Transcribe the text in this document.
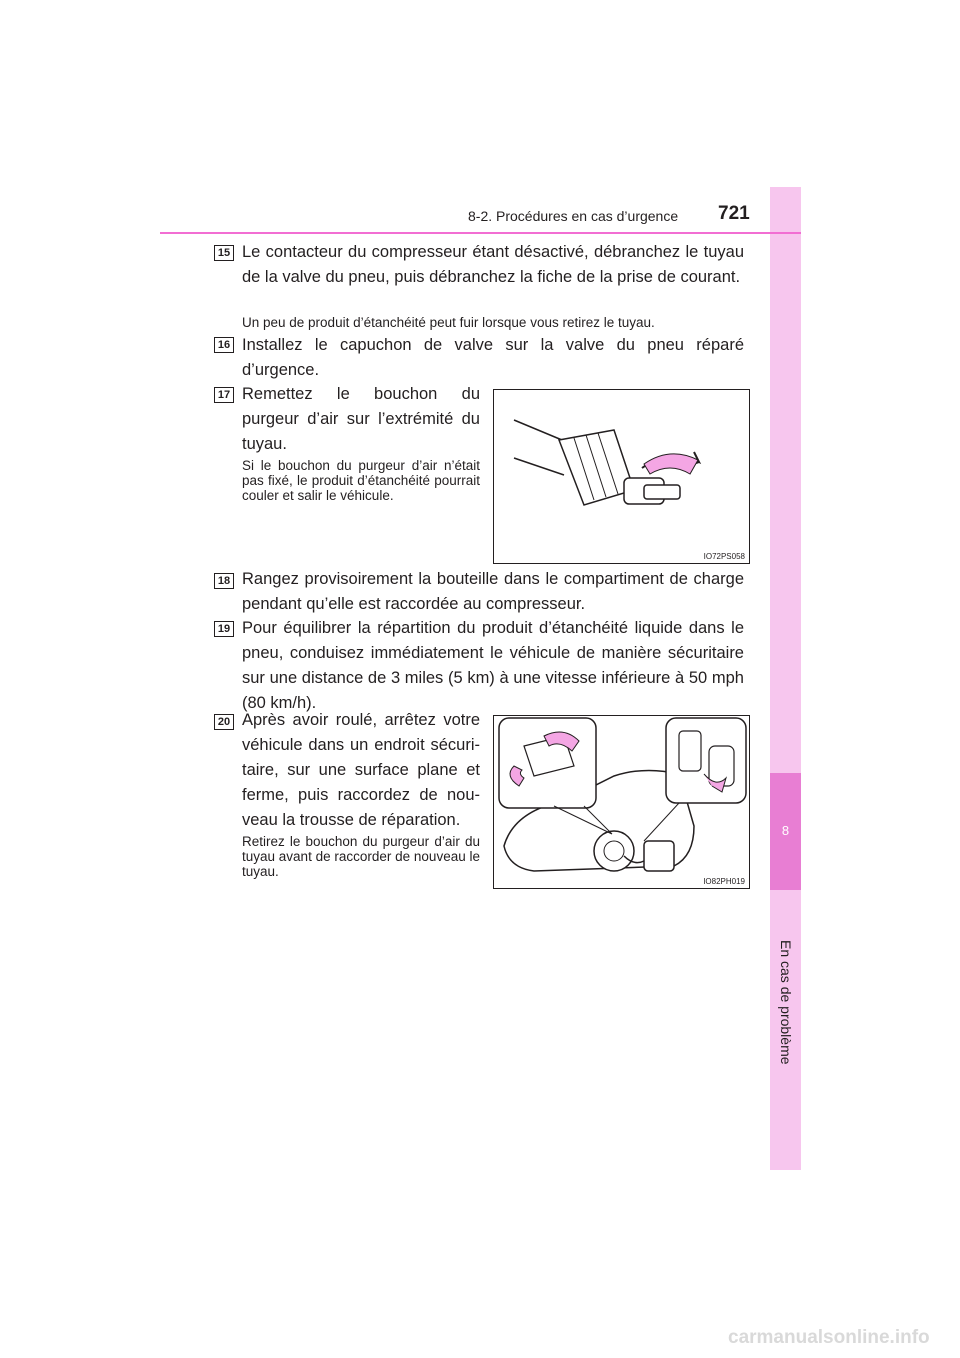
8
En cas de problème
8-2. Procédures en cas d’urgence 721
15 Le contacteur du compresseur étant désactivé, débranchez le tuyau de la valve du pneu, puis débranchez la fiche de la prise de courant.
Un peu de produit d’étanchéité peut fuir lorsque vous retirez le tuyau.
16 Installez le capuchon de valve sur la valve du pneu réparé d’urgence.
17 Remettez le bouchon du purgeur d’air sur l’extrémité du tuyau.
Si le bouchon du purgeur d’air n’était pas fixé, le produit d’étanchéité pourrait couler et salir le véhicule.
IO72PS058
18 Rangez provisoirement la bouteille dans le compartiment de charge pendant qu’elle est raccordée au compresseur.
19 Pour équilibrer la répartition du produit d’étanchéité liquide dans le pneu, conduisez immédiatement le véhicule de manière sécuritaire sur une distance de 3 miles (5 km) à une vitesse inférieure à 50 mph (80 km/h).
20 Après avoir roulé, arrêtez votre véhicule dans un endroit sécuri- taire, sur une surface plane et ferme, puis raccordez de nou- veau la trousse de réparation.
Retirez le bouchon du purgeur d’air du tuyau avant de raccorder de nouveau le tuyau.
IO82PH019
carmanualsonline.info
